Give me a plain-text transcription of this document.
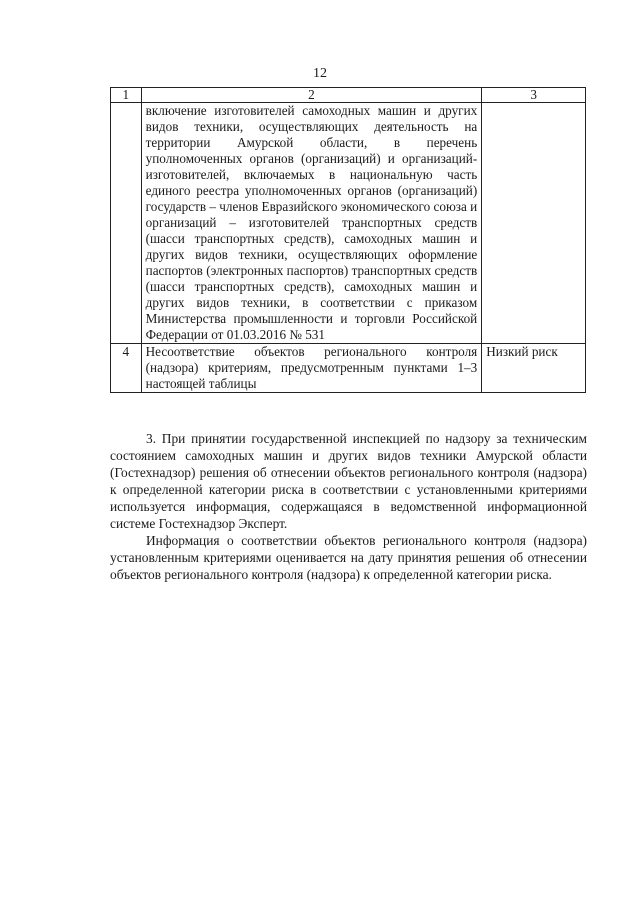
12
1	2	3
	включение изготовителей самоходных машин и других видов техники, осуществляющих деятельность на территории Амурской области, в перечень уполномоченных органов (организаций) и организаций-изготовителей, включаемых в национальную часть единого реестра уполномоченных органов (организаций) государств – членов Евразийского экономического союза и организаций – изготовителей транспортных средств (шасси транспортных средств), самоходных машин и других видов техники, осуществляющих оформление паспортов (электронных паспортов) транспортных средств (шасси транспортных средств), самоходных машин и других видов техники, в соответствии с приказом Министерства промышленности и торговли Российской Федерации от 01.03.2016 № 531	
4	Несоответствие объектов регионального контроля (надзора) критериям, предусмотренным пунктами 1–3 настоящей таблицы	Низкий риск

3. При принятии государственной инспекцией по надзору за техническим состоянием самоходных машин и других видов техники Амурской области (Гостехнадзор) решения об отнесении объектов регионального контроля (надзора) к определенной категории риска в соответствии с установленными критериями используется информация, содержащаяся в ведомственной информационной системе Гостехнадзор Эксперт.

Информация о соответствии объектов регионального контроля (надзора) установленным критериями оценивается на дату принятия решения об отнесении объектов регионального контроля (надзора) к определенной категории риска.
